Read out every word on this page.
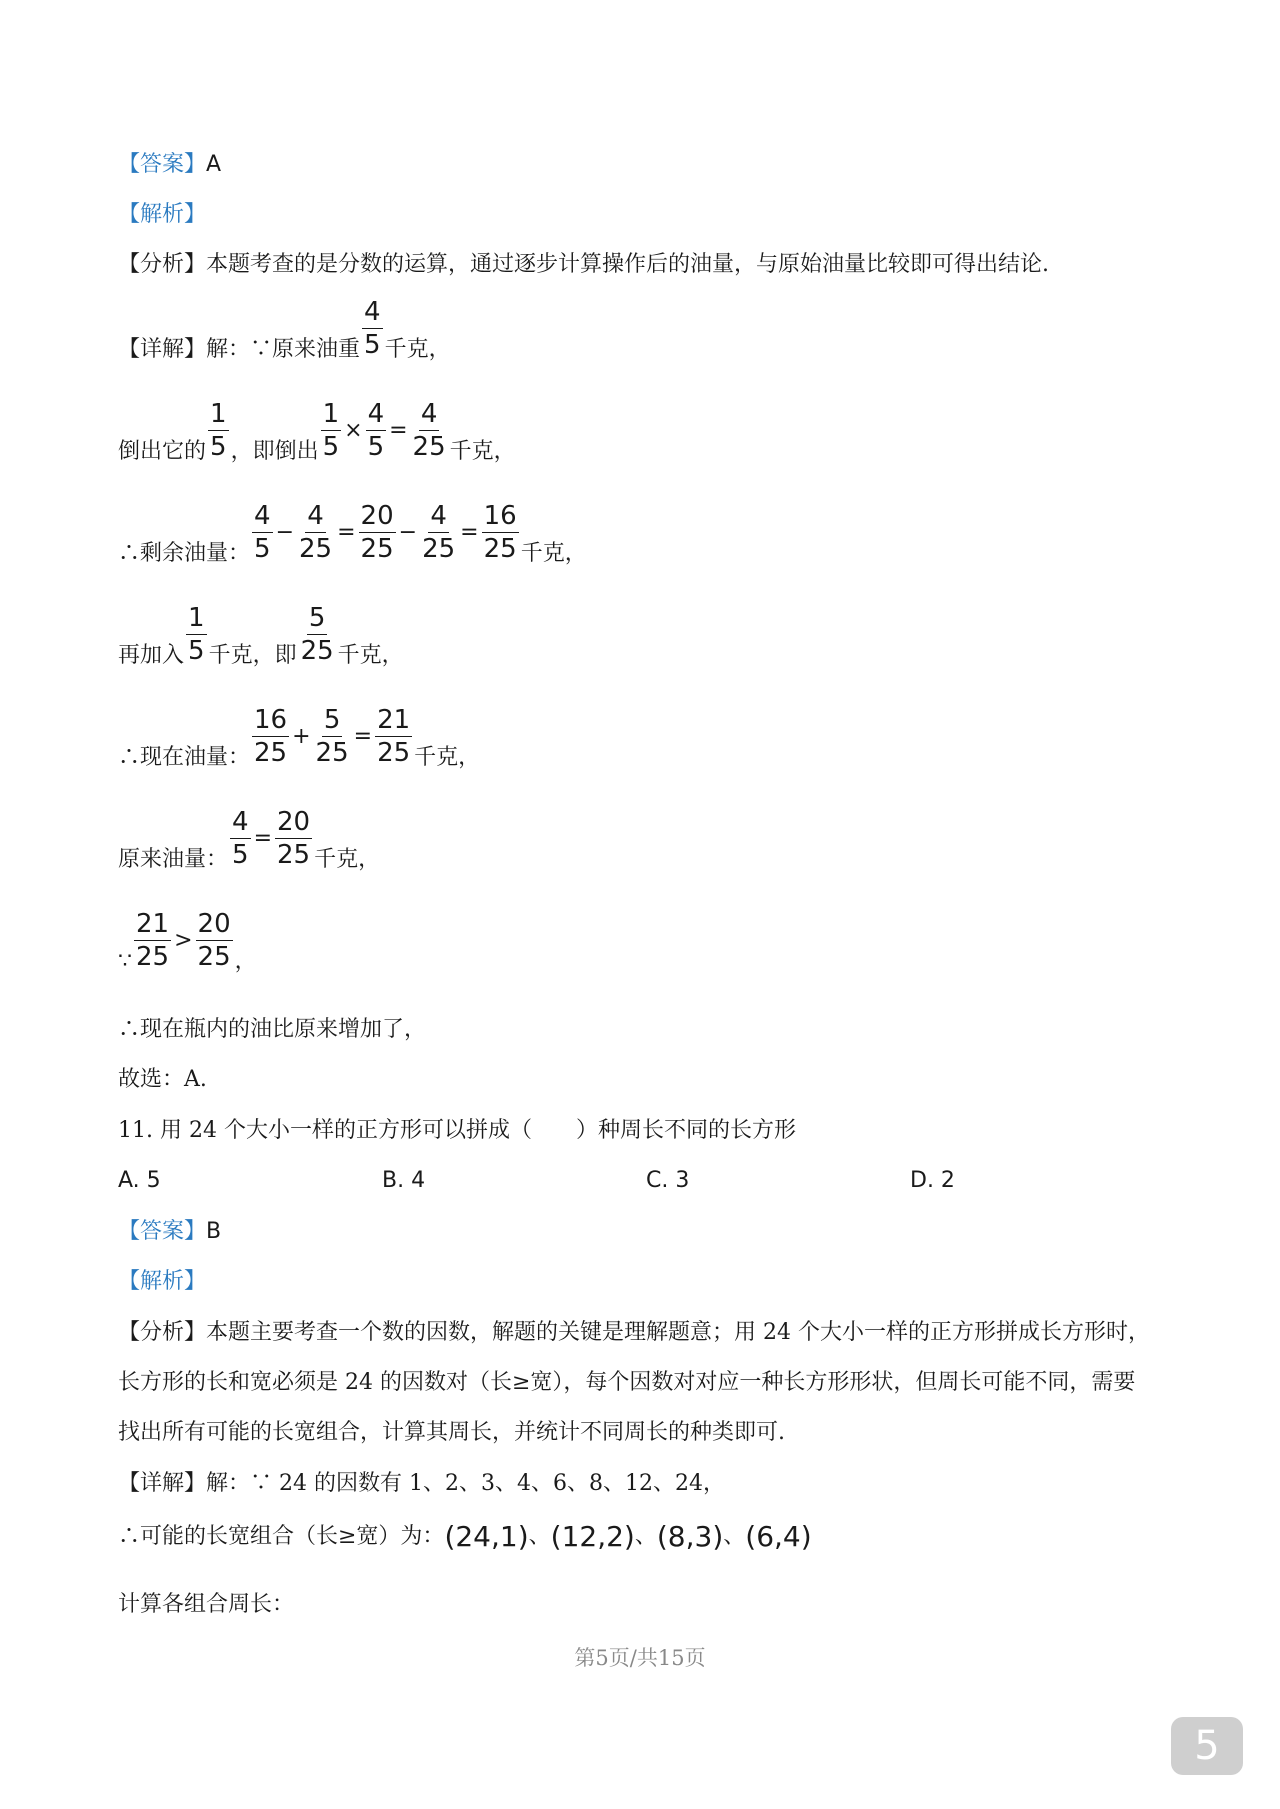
【答案】A
【解析】
【分析】本题考查的是分数的运算，通过逐步计算操作后的油量，与原始油量比较即可得出结论.
【详解】解：∵原来油重 $\frac{4}{5}$ 千克，
倒出它的 $\frac{1}{5}$ ，即倒出 $\frac{1}{5} \times \frac{4}{5} = \frac{4}{25}$ 千克，
∴剩余油量： $\frac{4}{5} - \frac{4}{25} = \frac{20}{25} - \frac{4}{25} = \frac{16}{25}$ 千克，
再加入 $\frac{1}{5}$ 千克，即 $\frac{5}{25}$ 千克，
∴现在油量： $\frac{16}{25} + \frac{5}{25} = \frac{21}{25}$ 千克，
原来油量： $\frac{4}{5} = \frac{20}{25}$ 千克，
∵ $\frac{21}{25} > \frac{20}{25}$ ，
∴现在瓶内的油比原来增加了，
故选：A.
11. 用 24 个大小一样的正方形可以拼成（　　）种周长不同的长方形
A. 5	B. 4	C. 3	D. 2
【答案】B
【解析】
【分析】本题主要考查一个数的因数，解题的关键是理解题意；用 24 个大小一样的正方形拼成长方形时，
长方形的长和宽必须是 24 的因数对（长≥宽），每个因数对对应一种长方形形状，但周长可能不同，需要
找出所有可能的长宽组合，计算其周长，并统计不同周长的种类即可.
【详解】解：∵ 24 的因数有 1、2、3、4、6、8、12、24，
∴可能的长宽组合（长≥宽）为：(24,1)、(12,2)、(8,3)、(6,4)
计算各组合周长：
第5页/共15页
5
